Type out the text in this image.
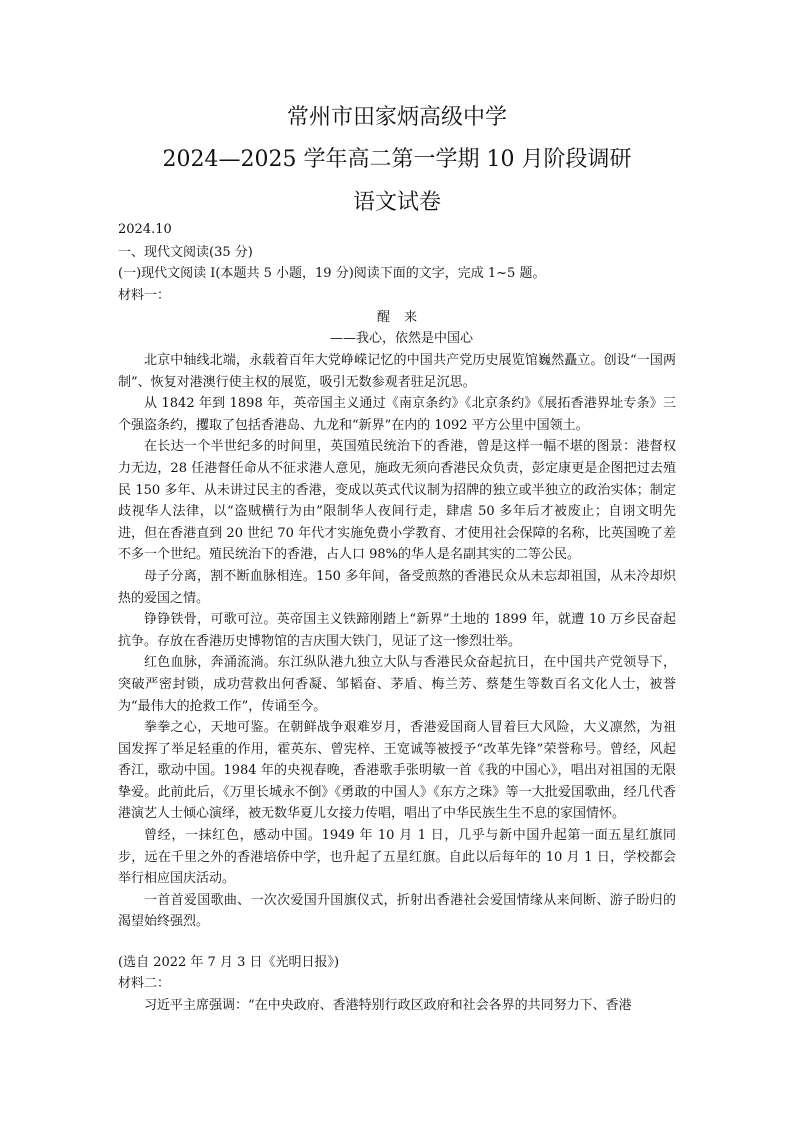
常州市田家炳高级中学
2024—2025 学年高二第一学期 10 月阶段调研
语文试卷
2024.10
一、现代文阅读(35 分)
(一)现代文阅读 I(本题共 5 小题，19 分)阅读下面的文字，完成 1~5 题。
材料一：
醒来
——我心，依然是中国心

北京中轴线北端，永载着百年大党峥嵘记忆的中国共产党历史展览馆巍然矗立。创设“一国两制”、恢复对港澳行使主权的展览，吸引无数参观者驻足沉思。

从 1842 年到 1898 年，英帝国主义通过《南京条约》《北京条约》《展拓香港界址专条》三个强盗条约，攫取了包括香港岛、九龙和“新界”在内的 1092 平方公里中国领土。

在长达一个半世纪多的时间里，英国殖民统治下的香港，曾是这样一幅不堪的图景：港督权力无边，28 任港督任命从不征求港人意见，施政无须向香港民众负责，彭定康更是企图把过去殖民 150 多年、从未讲过民主的香港，变成以英式代议制为招牌的独立或半独立的政治实体；制定歧视华人法律，以“盗贼横行为由”限制华人夜间行走，肆虐 50 多年后才被废止；自诩文明先进，但在香港直到 20 世纪 70 年代才实施免费小学教育、才使用社会保障的名称，比英国晚了差不多一个世纪。殖民统治下的香港，占人口 98%的华人是名副其实的二等公民。

母子分离，割不断血脉相连。150 多年间，备受煎熬的香港民众从未忘却祖国，从未冷却炽热的爱国之情。

铮铮铁骨，可歌可泣。英帝国主义铁蹄刚踏上“新界”土地的 1899 年，就遭 10 万乡民奋起抗争。存放在香港历史博物馆的吉庆围大铁门，见证了这一惨烈壮举。

红色血脉，奔涌流淌。东江纵队港九独立大队与香港民众奋起抗日，在中国共产党领导下，突破严密封锁，成功营救出何香凝、邹韬奋、茅盾、梅兰芳、蔡楚生等数百名文化人士，被誉为“最伟大的抢救工作”，传诵至今。

拳拳之心，天地可鉴。在朝鲜战争艰难岁月，香港爱国商人冒着巨大风险，大义凛然，为祖国发挥了举足轻重的作用，霍英东、曾宪梓、王宽诚等被授予“改革先锋”荣誉称号。曾经，风起香江，歌动中国。1984 年的央视春晚，香港歌手张明敏一首《我的中国心》，唱出对祖国的无限挚爱。此前此后，《万里长城永不倒》《勇敢的中国人》《东方之珠》等一大批爱国歌曲，经几代香港演艺人士倾心演绎，被无数华夏儿女接力传唱，唱出了中华民族生生不息的家国情怀。

曾经，一抹红色，感动中国。1949 年 10 月 1 日，几乎与新中国升起第一面五星红旗同步，远在千里之外的香港培侨中学，也升起了五星红旗。自此以后每年的 10 月 1 日，学校都会举行相应国庆活动。

一首首爱国歌曲、一次次爱国升国旗仪式，折射出香港社会爱国情缘从来间断、游子盼归的渴望始终强烈。

(选自 2022 年 7 月 3 日《光明日报》)
材料二：

习近平主席强调：“在中央政府、香港特别行政区政府和社会各界的共同努力下、香港
